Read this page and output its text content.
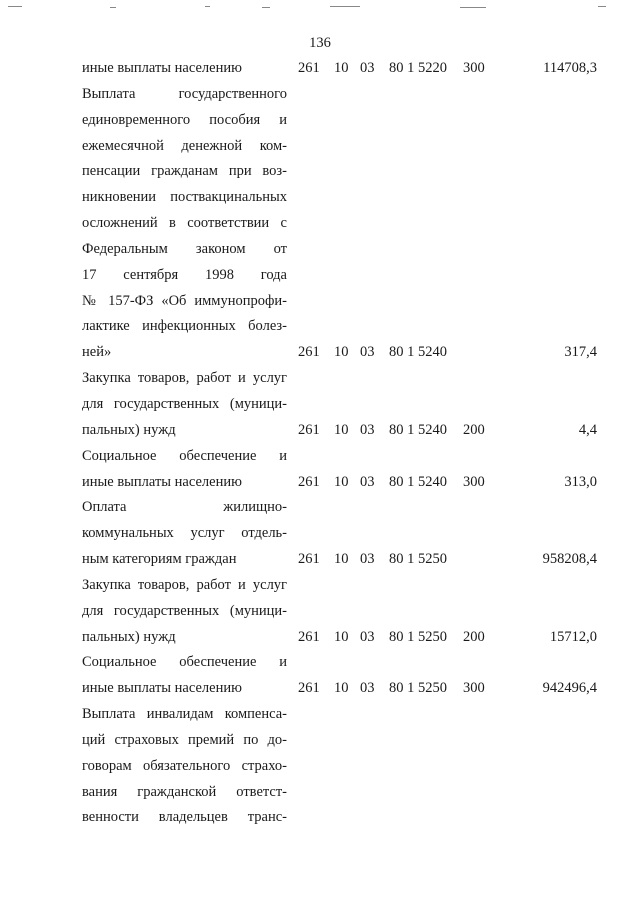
136
иные выплаты населению	261 10 03 80 1 5220 300	114708,3
Выплата государственного
единовременного пособия и
ежемесячной денежной ком-
пенсации гражданам при воз-
никновении поствакцинальных
осложнений в соответствии с
Федеральным законом от
17 сентября 1998 года
№ 157-ФЗ «Об иммунопрофи-
лактике инфекционных болез-
ней»	261 10 03 80 1 5240	317,4
Закупка товаров, работ и услуг
для государственных (муници-
пальных) нужд	261 10 03 80 1 5240 200	4,4
Социальное обеспечение и
иные выплаты населению	261 10 03 80 1 5240 300	313,0
Оплата жилищно-
коммунальных услуг отдель-
ным категориям граждан	261 10 03 80 1 5250	958208,4
Закупка товаров, работ и услуг
для государственных (муници-
пальных) нужд	261 10 03 80 1 5250 200	15712,0
Социальное обеспечение и
иные выплаты населению	261 10 03 80 1 5250 300	942496,4
Выплата инвалидам компенса-
ций страховых премий по до-
говорам обязательного страхо-
вания гражданской ответст-
венности владельцев транс-
